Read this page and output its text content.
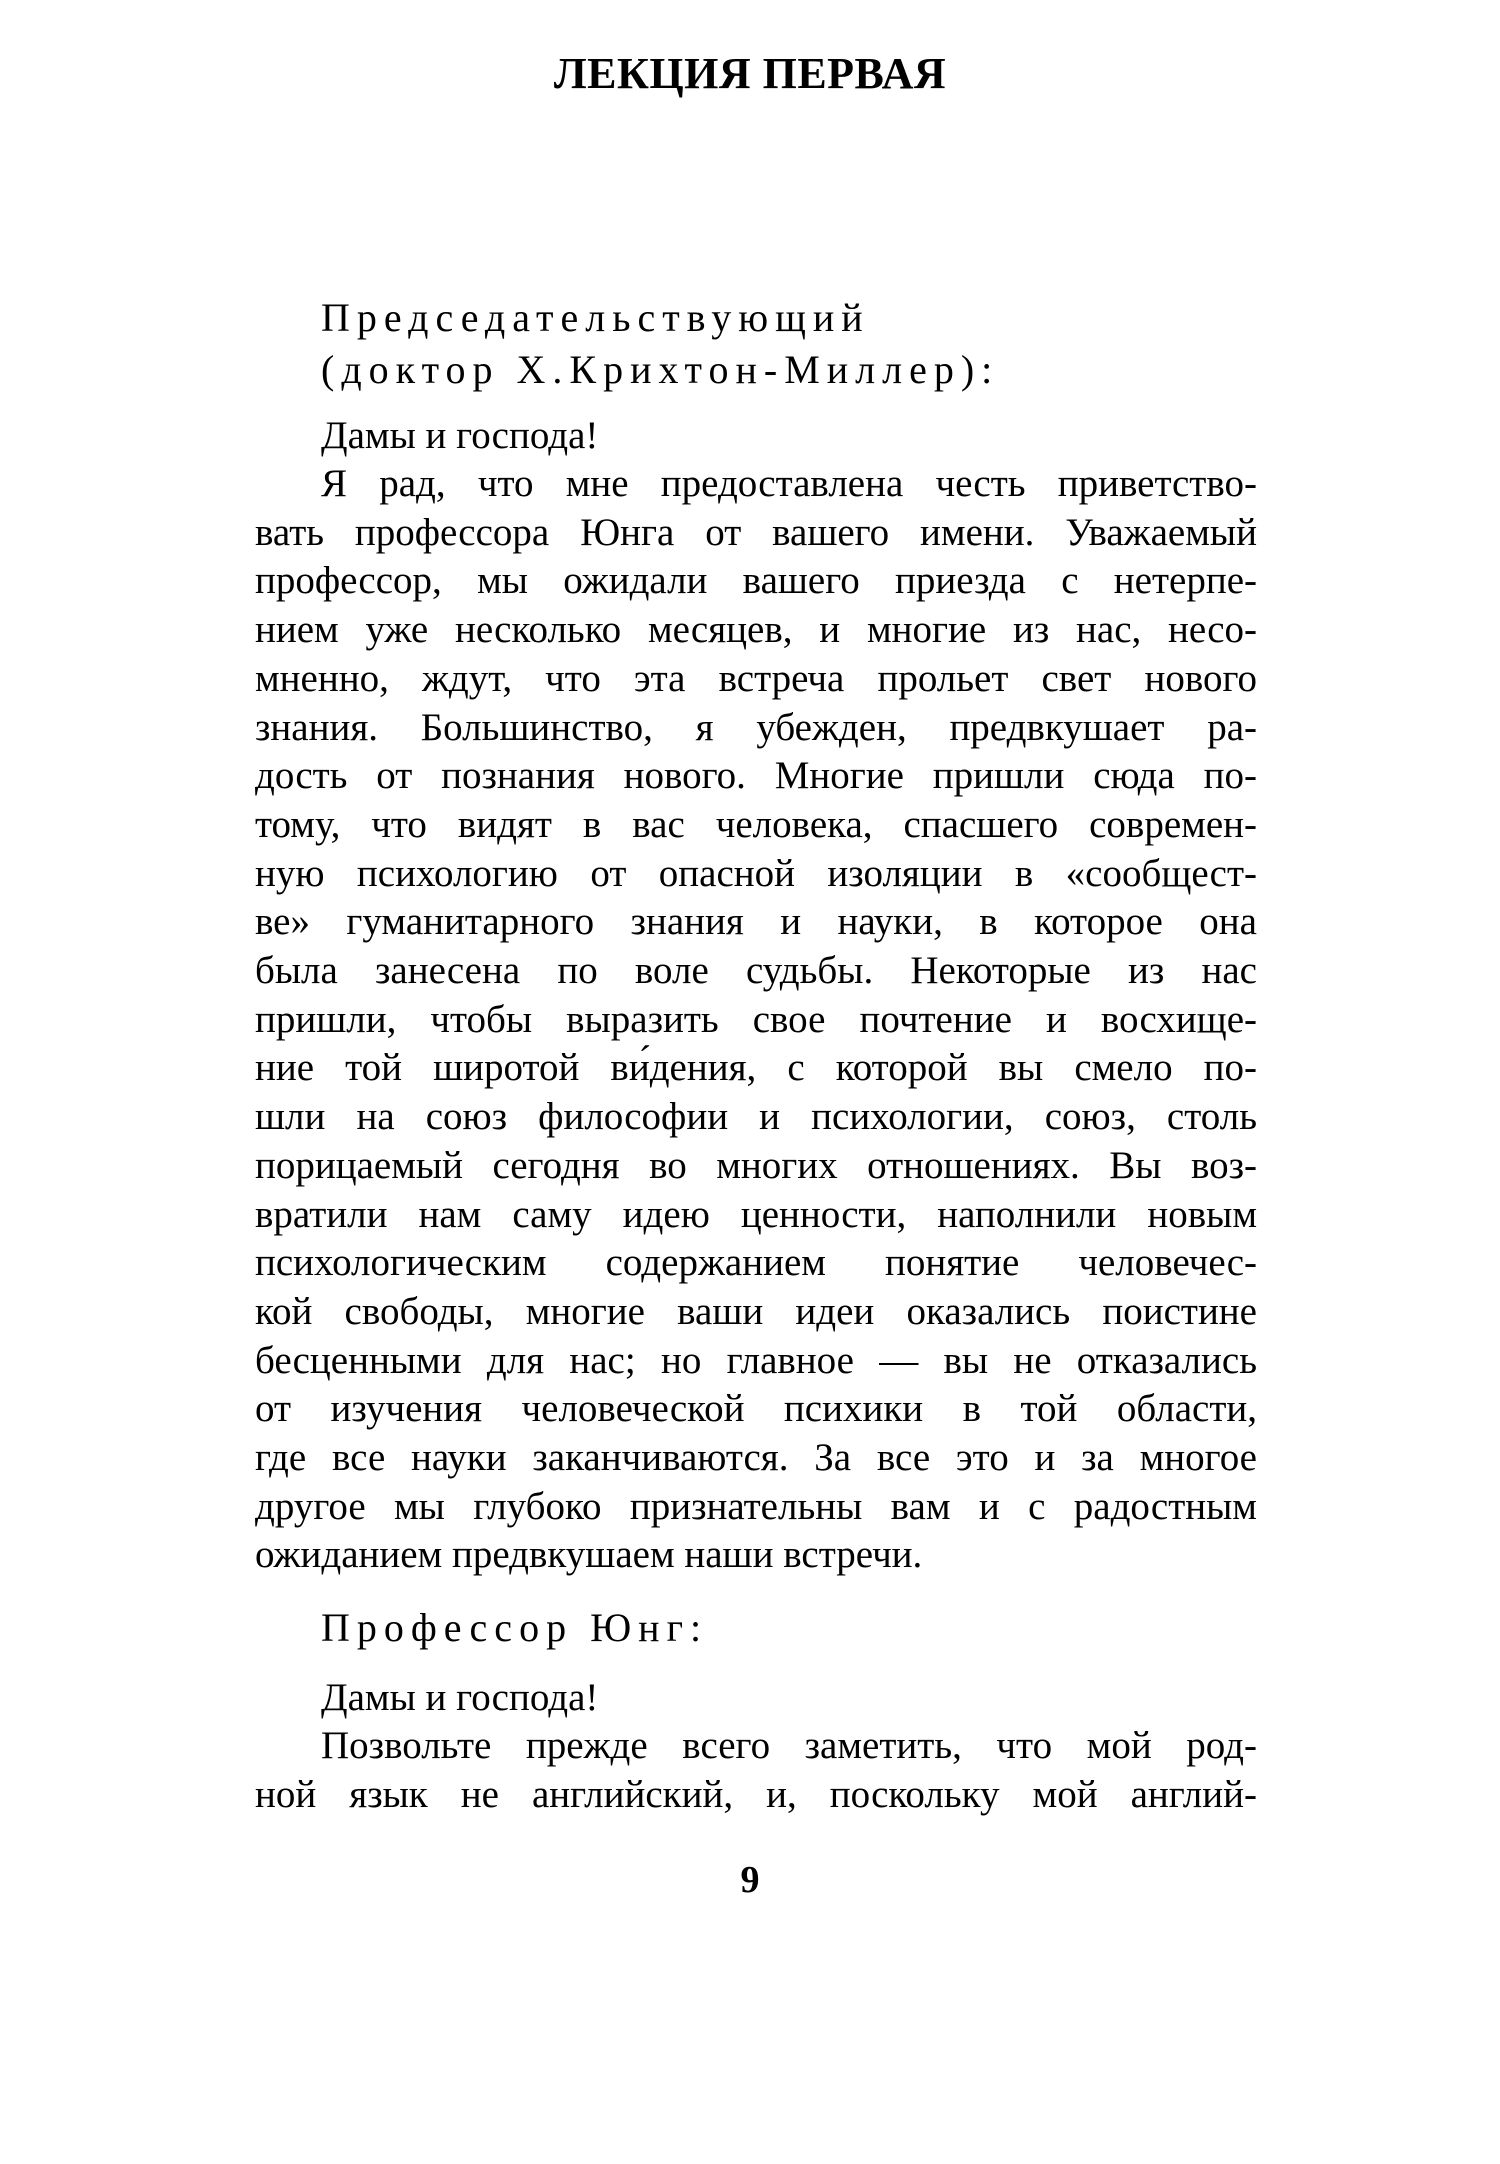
ЛЕКЦИЯ ПЕРВАЯ

Председательствующий

(доктор Х.Крихтон-Миллер):

Дамы и господа!

Я рад, что мне предоставлена честь приветство-

вать профессора Юнга от вашего имени. Уважаемый

профессор, мы ожидали вашего приезда с нетерпе-

нием уже несколько месяцев, и многие из нас, несо-

мненно, ждут, что эта встреча прольет свет нового

знания. Большинство, я убежден, предвкушает ра-

дость от познания нового. Многие пришли сюда по-

тому, что видят в вас человека, спасшего современ-

ную психологию от опасной изоляции в «сообщест-

ве» гуманитарного знания и науки, в которое она

была занесена по воле судьбы. Некоторые из нас

пришли, чтобы выразить свое почтение и восхище-

ние той широтой ви́дения, с которой вы смело по-

шли на союз философии и психологии, союз, столь

порицаемый сегодня во многих отношениях. Вы воз-

вратили нам саму идею ценности, наполнили новым

психологическим содержанием понятие человечес-

кой свободы, многие ваши идеи оказались поистине

бесценными для нас; но главное — вы не отказались

от изучения человеческой психики в той области,

где все науки заканчиваются. За все это и за многое

другое мы глубоко признательны вам и с радостным

ожиданием предвкушаем наши встречи.

Профессор Юнг:

Дамы и господа!

Позвольте прежде всего заметить, что мой род-

ной язык не английский, и, поскольку мой англий-

9
